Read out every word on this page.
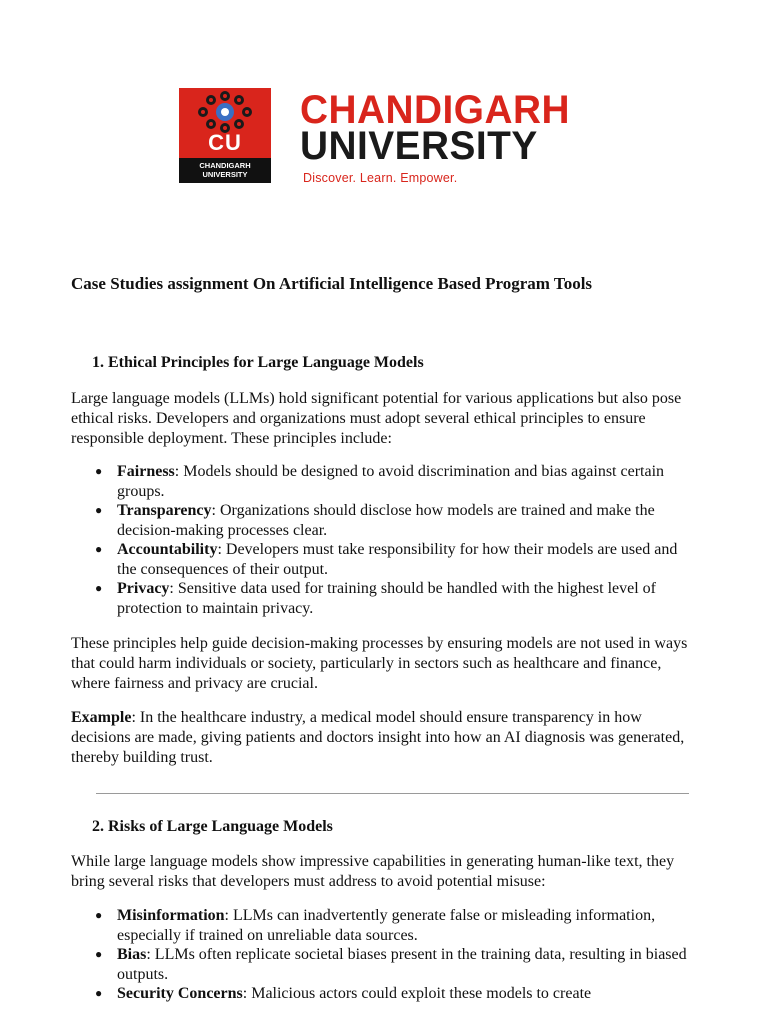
CU
CHANDIGARH
UNIVERSITY
CHANDIGARH
UNIVERSITY
Discover. Learn. Empower.
Case Studies assignment On Artificial Intelligence Based Program Tools
1. Ethical Principles for Large Language Models

Large language models (LLMs) hold significant potential for various applications but also pose ethical risks. Developers and organizations must adopt several ethical principles to ensure responsible deployment. These principles include:

● Fairness: Models should be designed to avoid discrimination and bias against certain groups.
● Transparency: Organizations should disclose how models are trained and make the decision-making processes clear.
● Accountability: Developers must take responsibility for how their models are used and the consequences of their output.
● Privacy: Sensitive data used for training should be handled with the highest level of protection to maintain privacy.

These principles help guide decision-making processes by ensuring models are not used in ways that could harm individuals or society, particularly in sectors such as healthcare and finance, where fairness and privacy are crucial.

Example: In the healthcare industry, a medical model should ensure transparency in how decisions are made, giving patients and doctors insight into how an AI diagnosis was generated, thereby building trust.

2. Risks of Large Language Models

While large language models show impressive capabilities in generating human-like text, they bring several risks that developers must address to avoid potential misuse:

● Misinformation: LLMs can inadvertently generate false or misleading information, especially if trained on unreliable data sources.
● Bias: LLMs often replicate societal biases present in the training data, resulting in biased outputs.
● Security Concerns: Malicious actors could exploit these models to create
